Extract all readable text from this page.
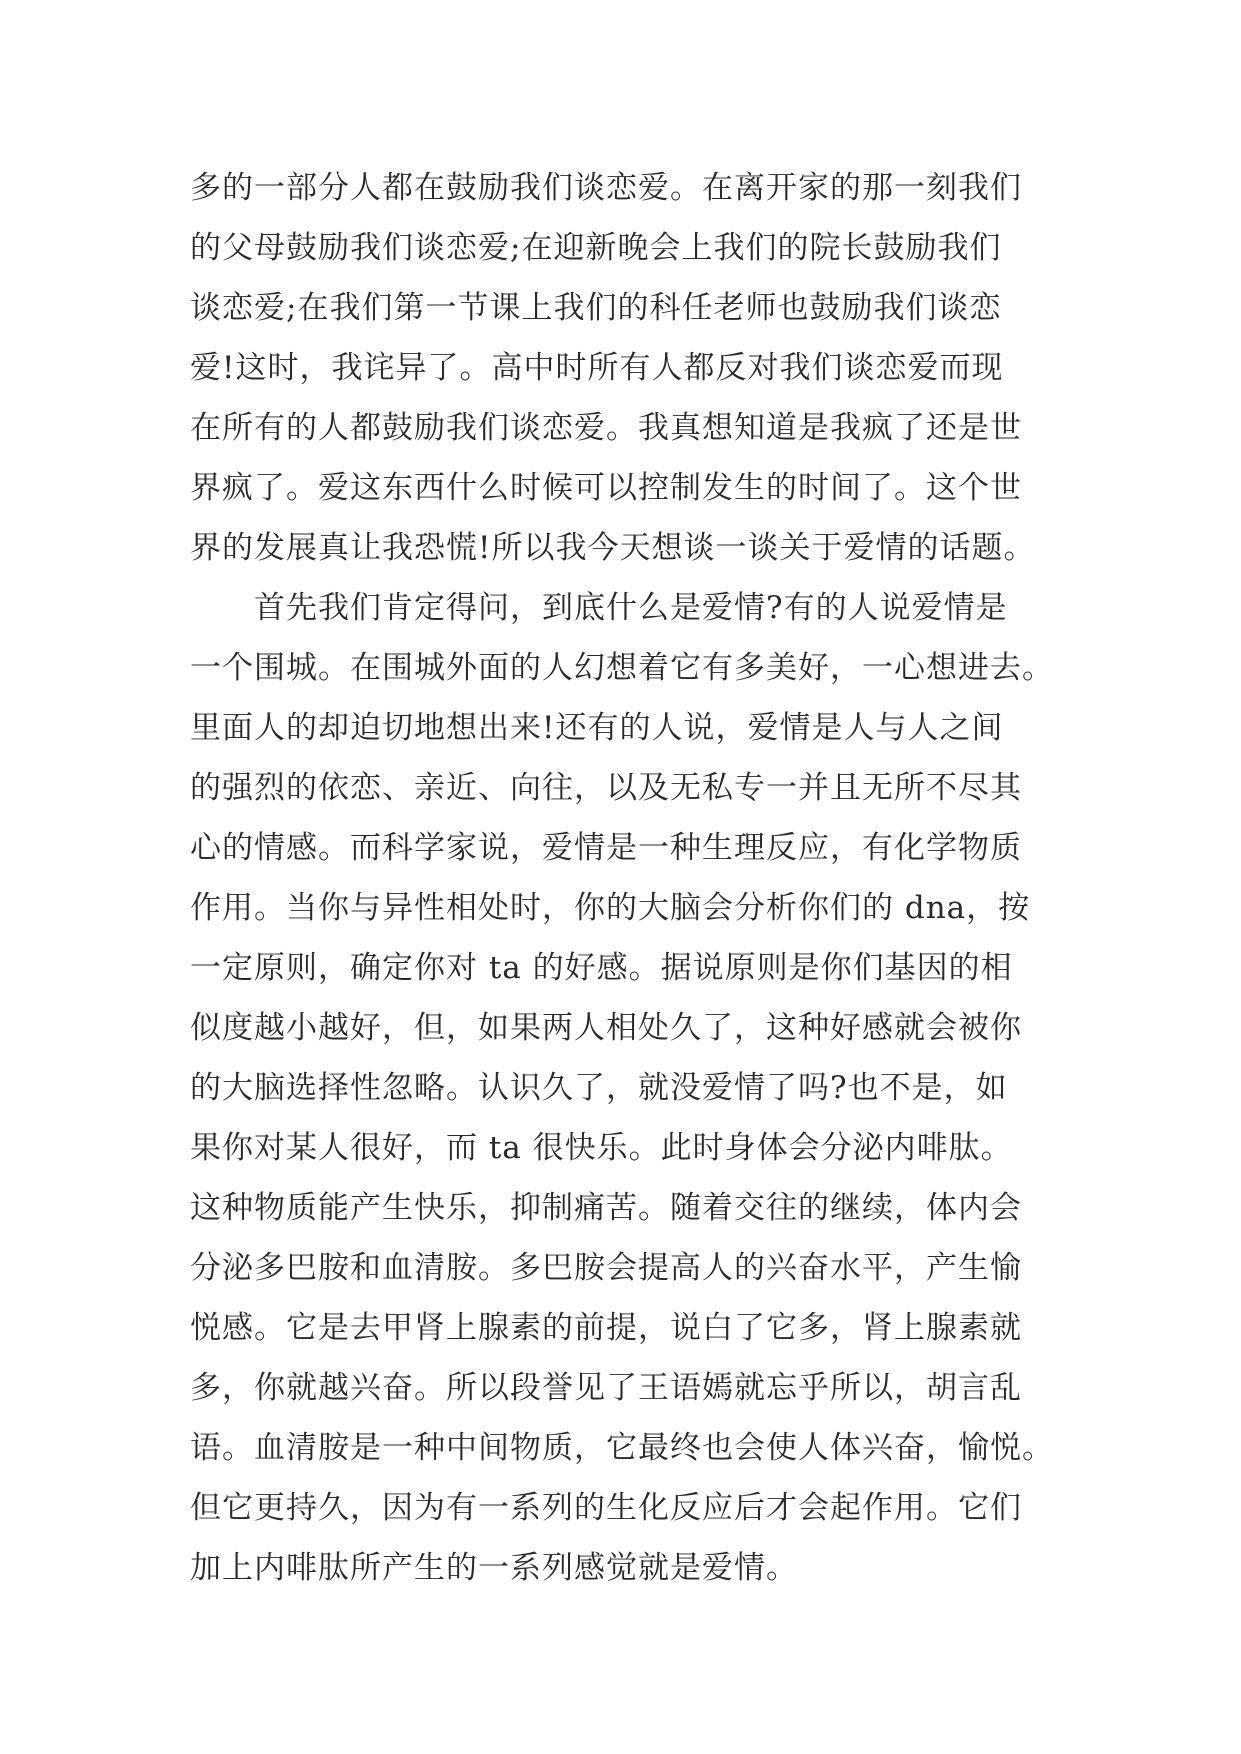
多的一部分人都在鼓励我们谈恋爱。在离开家的那一刻我们
的父母鼓励我们谈恋爱;在迎新晚会上我们的院长鼓励我们
谈恋爱;在我们第一节课上我们的科任老师也鼓励我们谈恋
爱!这时，我诧异了。高中时所有人都反对我们谈恋爱而现
在所有的人都鼓励我们谈恋爱。我真想知道是我疯了还是世
界疯了。爱这东西什么时候可以控制发生的时间了。这个世
界的发展真让我恐慌!所以我今天想谈一谈关于爱情的话题。
　　首先我们肯定得问，到底什么是爱情?有的人说爱情是
一个围城。在围城外面的人幻想着它有多美好，一心想进去。
里面人的却迫切地想出来!还有的人说，爱情是人与人之间
的强烈的依恋、亲近、向往，以及无私专一并且无所不尽其
心的情感。而科学家说，爱情是一种生理反应，有化学物质
作用。当你与异性相处时，你的大脑会分析你们的 dna，按
一定原则，确定你对 ta 的好感。据说原则是你们基因的相
似度越小越好，但，如果两人相处久了，这种好感就会被你
的大脑选择性忽略。认识久了，就没爱情了吗?也不是，如
果你对某人很好，而 ta 很快乐。此时身体会分泌内啡肽。
这种物质能产生快乐，抑制痛苦。随着交往的继续，体内会
分泌多巴胺和血清胺。多巴胺会提高人的兴奋水平，产生愉
悦感。它是去甲肾上腺素的前提，说白了它多，肾上腺素就
多，你就越兴奋。所以段誉见了王语嫣就忘乎所以，胡言乱
语。血清胺是一种中间物质，它最终也会使人体兴奋，愉悦。
但它更持久，因为有一系列的生化反应后才会起作用。它们
加上内啡肽所产生的一系列感觉就是爱情。
